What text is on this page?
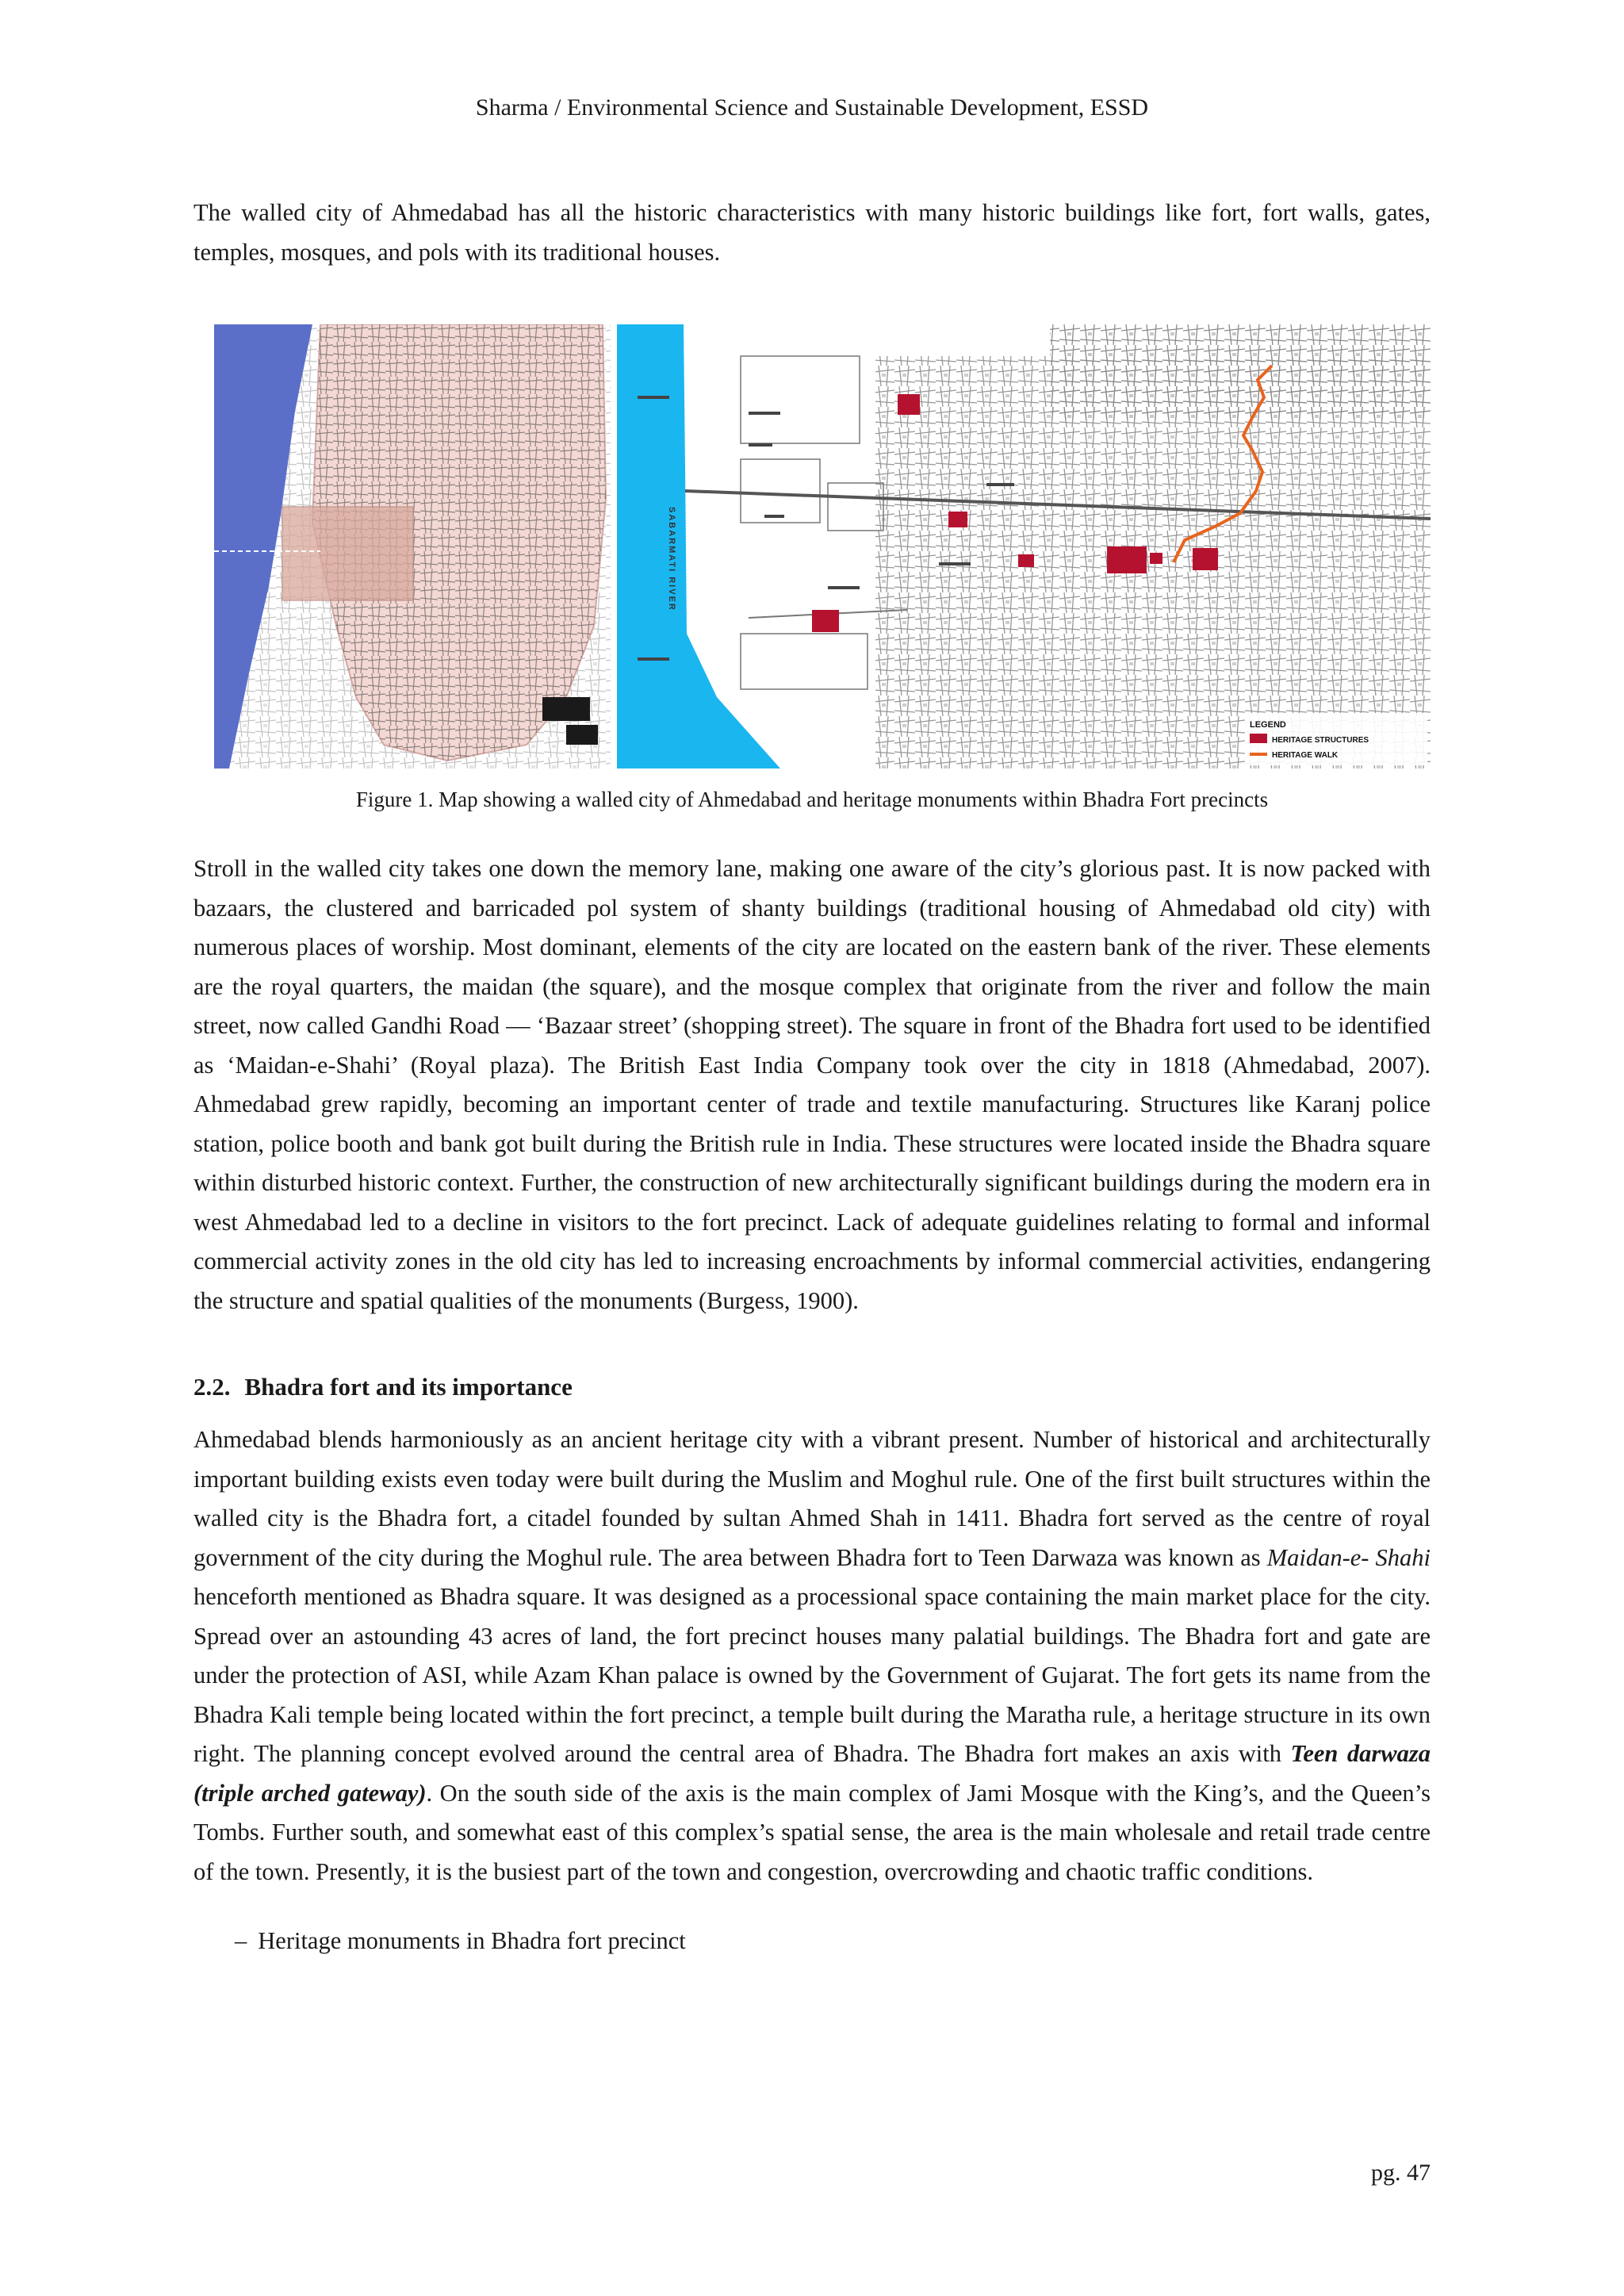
Sharma / Environmental Science and Sustainable Development, ESSD

The walled city of Ahmedabad has all the historic characteristics with many historic buildings like fort, fort walls, gates, temples, mosques, and pols with its traditional houses.

SABARMATI RIVER
LEGEND
HERITAGE STRUCTURES
HERITAGE WALK
Figure 1. Map showing a walled city of Ahmedabad and heritage monuments within Bhadra Fort precincts

Stroll in the walled city takes one down the memory lane, making one aware of the city’s glorious past. It is now packed with bazaars, the clustered and barricaded pol system of shanty buildings (traditional housing of Ahmedabad old city) with numerous places of worship. Most dominant, elements of the city are located on the eastern bank of the river. These elements are the royal quarters, the maidan (the square), and the mosque complex that originate from the river and follow the main street, now called Gandhi Road — ‘Bazaar street’ (shopping street). The square in front of the Bhadra fort used to be identified as ‘Maidan-e-Shahi’ (Royal plaza). The British East India Company took over the city in 1818 (Ahmedabad, 2007). Ahmedabad grew rapidly, becoming an important center of trade and textile manufacturing. Structures like Karanj police station, police booth and bank got built during the British rule in India. These structures were located inside the Bhadra square within disturbed historic context. Further, the construction of new architecturally significant buildings during the modern era in west Ahmedabad led to a decline in visitors to the fort precinct. Lack of adequate guidelines relating to formal and informal commercial activity zones in the old city has led to increasing encroachments by informal commercial activities, endangering the structure and spatial qualities of the monuments (Burgess, 1900).

2.2. Bhadra fort and its importance

Ahmedabad blends harmoniously as an ancient heritage city with a vibrant present. Number of historical and architecturally important building exists even today were built during the Muslim and Moghul rule. One of the first built structures within the walled city is the Bhadra fort, a citadel founded by sultan Ahmed Shah in 1411. Bhadra fort served as the centre of royal government of the city during the Moghul rule. The area between Bhadra fort to Teen Darwaza was known as Maidan-e- Shahi henceforth mentioned as Bhadra square. It was designed as a processional space containing the main market place for the city. Spread over an astounding 43 acres of land, the fort precinct houses many palatial buildings. The Bhadra fort and gate are under the protection of ASI, while Azam Khan palace is owned by the Government of Gujarat. The fort gets its name from the Bhadra Kali temple being located within the fort precinct, a temple built during the Maratha rule, a heritage structure in its own right. The planning concept evolved around the central area of Bhadra. The Bhadra fort makes an axis with Teen darwaza (triple arched gateway). On the south side of the axis is the main complex of Jami Mosque with the King’s, and the Queen’s Tombs. Further south, and somewhat east of this complex’s spatial sense, the area is the main wholesale and retail trade centre of the town. Presently, it is the busiest part of the town and congestion, overcrowding and chaotic traffic conditions.

– Heritage monuments in Bhadra fort precinct
pg. 47
